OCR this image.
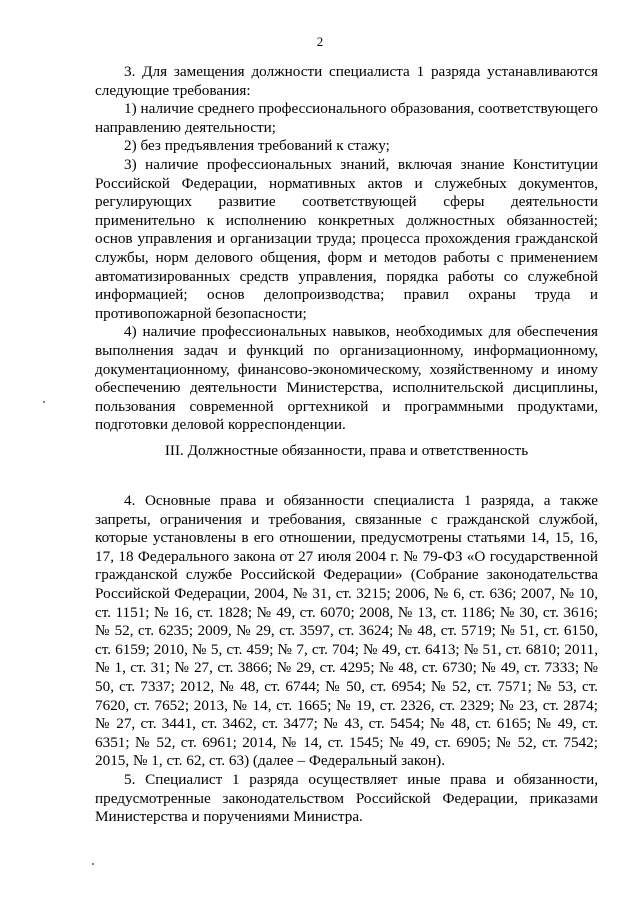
2

3. Для замещения должности специалиста 1 разряда устанавливаются следующие требования:

1) наличие среднего профессионального образования, соответствующего направлению деятельности;

2) без предъявления требований к стажу;

3) наличие профессиональных знаний, включая знание Конституции Российской Федерации, нормативных актов и служебных документов, регулирующих развитие соответствующей сферы деятельности применительно к исполнению конкретных должностных обязанностей; основ управления и организации труда; процесса прохождения гражданской службы, норм делового общения, форм и методов работы с применением автоматизированных средств управления, порядка работы со служебной информацией; основ делопроизводства; правил охраны труда и противопожарной безопасности;

4) наличие профессиональных навыков, необходимых для обеспечения выполнения задач и функций по организационному, информационному, документационному, финансово-экономическому, хозяйственному и иному обеспечению деятельности Министерства, исполнительской дисциплины, пользования современной оргтехникой и программными продуктами, подготовки деловой корреспонденции.

III. Должностные обязанности, права и ответственность

4. Основные права и обязанности специалиста 1 разряда, а также запреты, ограничения и требования, связанные с гражданской службой, которые установлены в его отношении, предусмотрены статьями 14, 15, 16, 17, 18 Федерального закона от 27 июля 2004 г. № 79-ФЗ «О государственной гражданской службе Российской Федерации» (Собрание законодательства Российской Федерации, 2004, № 31, ст. 3215; 2006, № 6, ст. 636; 2007, № 10, ст. 1151; № 16, ст. 1828; № 49, ст. 6070; 2008, № 13, ст. 1186; № 30, ст. 3616; № 52, ст. 6235; 2009, № 29, ст. 3597, ст. 3624; № 48, ст. 5719; № 51, ст. 6150, ст. 6159; 2010, № 5, ст. 459; № 7, ст. 704; № 49, ст. 6413; № 51, ст. 6810; 2011, № 1, ст. 31; № 27, ст. 3866; № 29, ст. 4295; № 48, ст. 6730; № 49, ст. 7333; № 50, ст. 7337; 2012, № 48, ст. 6744; № 50, ст. 6954; № 52, ст. 7571; № 53, ст. 7620, ст. 7652; 2013, № 14, ст. 1665; № 19, ст. 2326, ст. 2329; № 23, ст. 2874; № 27, ст. 3441, ст. 3462, ст. 3477; № 43, ст. 5454; № 48, ст. 6165; № 49, ст. 6351; № 52, ст. 6961; 2014, № 14, ст. 1545; № 49, ст. 6905; № 52, ст. 7542; 2015, № 1, ст. 62, ст. 63) (далее – Федеральный закон).

5. Специалист 1 разряда осуществляет иные права и обязанности, предусмотренные законодательством Российской Федерации, приказами Министерства и поручениями Министра.
